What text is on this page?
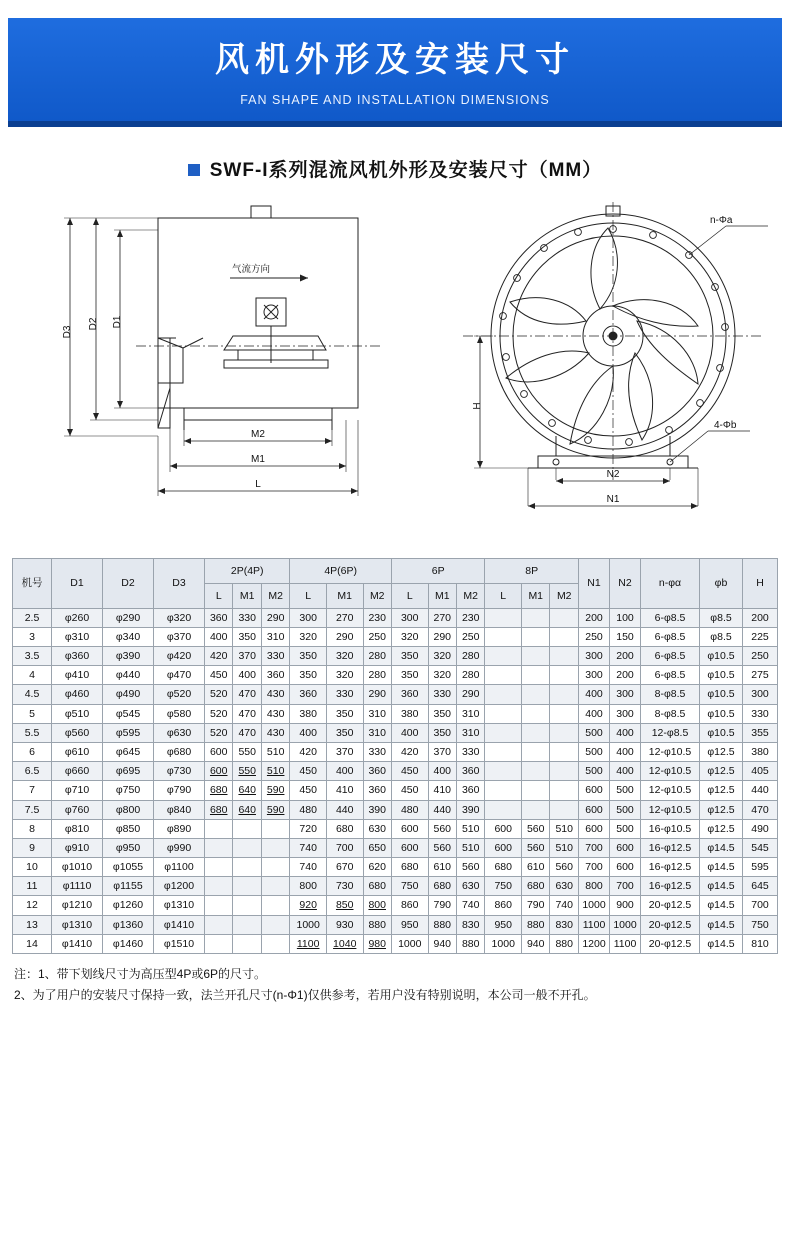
风机外形及安装尺寸
FAN SHAPE AND INSTALLATION DIMENSIONS
SWF-I系列混流风机外形及安装尺寸（MM）
气流方向
D3
D2 D1
M2
M1
L
n-Φa
4-Φb
H
N2
N1
机号	D1	D2	D3	2P(4P)			4P(6P)			6P			8P			N1	N2	n-φα	φb	H
				L	M1	M2	L	M1	M2	L	M1	M2	L	M1	M2					
2.5	φ260	φ290	φ320	360	330	290	300	270	230	300	270	230				200	100	6-φ8.5	φ8.5	200
3	φ310	φ340	φ370	400	350	310	320	290	250	320	290	250				250	150	6-φ8.5	φ8.5	225
3.5	φ360	φ390	φ420	420	370	330	350	320	280	350	320	280				300	200	6-φ8.5	φ10.5	250
4	φ410	φ440	φ470	450	400	360	350	320	280	350	320	280				300	200	6-φ8.5	φ10.5	275
4.5	φ460	φ490	φ520	520	470	430	360	330	290	360	330	290				400	300	8-φ8.5	φ10.5	300
5	φ510	φ545	φ580	520	470	430	380	350	310	380	350	310				400	300	8-φ8.5	φ10.5	330
5.5	φ560	φ595	φ630	520	470	430	400	350	310	400	350	310				500	400	12-φ8.5	φ10.5	355
6	φ610	φ645	φ680	600	550	510	420	370	330	420	370	330				500	400	12-φ10.5	φ12.5	380
6.5	φ660	φ695	φ730	600	550	510	450	400	360	450	400	360				500	400	12-φ10.5	φ12.5	405
7	φ710	φ750	φ790	680	640	590	450	410	360	450	410	360				600	500	12-φ10.5	φ12.5	440
7.5	φ760	φ800	φ840	680	640	590	480	440	390	480	440	390				600	500	12-φ10.5	φ12.5	470
8	φ810	φ850	φ890				720	680	630	600	560	510	600	560	510	600	500	16-φ10.5	φ12.5	490
9	φ910	φ950	φ990				740	700	650	600	560	510	600	560	510	700	600	16-φ12.5	φ14.5	545
10	φ1010	φ1055	φ1100				740	670	620	680	610	560	680	610	560	700	600	16-φ12.5	φ14.5	595
11	φ1110	φ1155	φ1200				800	730	680	750	680	630	750	680	630	800	700	16-φ12.5	φ14.5	645
12	φ1210	φ1260	φ1310				920	850	800	860	790	740	860	790	740	1000	900	20-φ12.5	φ14.5	700
13	φ1310	φ1360	φ1410				1000	930	880	950	880	830	950	880	830	1100	1000	20-φ12.5	φ14.5	750
14	φ1410	φ1460	φ1510				1100	1040	980	1000	940	880	1000	940	880	1200	1100	20-φ12.5	φ14.5	810
注：1、带下划线尺寸为高压型4P或6P的尺寸。
2、为了用户的安装尺寸保持一致，法兰开孔尺寸(n-Φ1)仅供参考，若用户没有特别说明，本公司一般不开孔。
